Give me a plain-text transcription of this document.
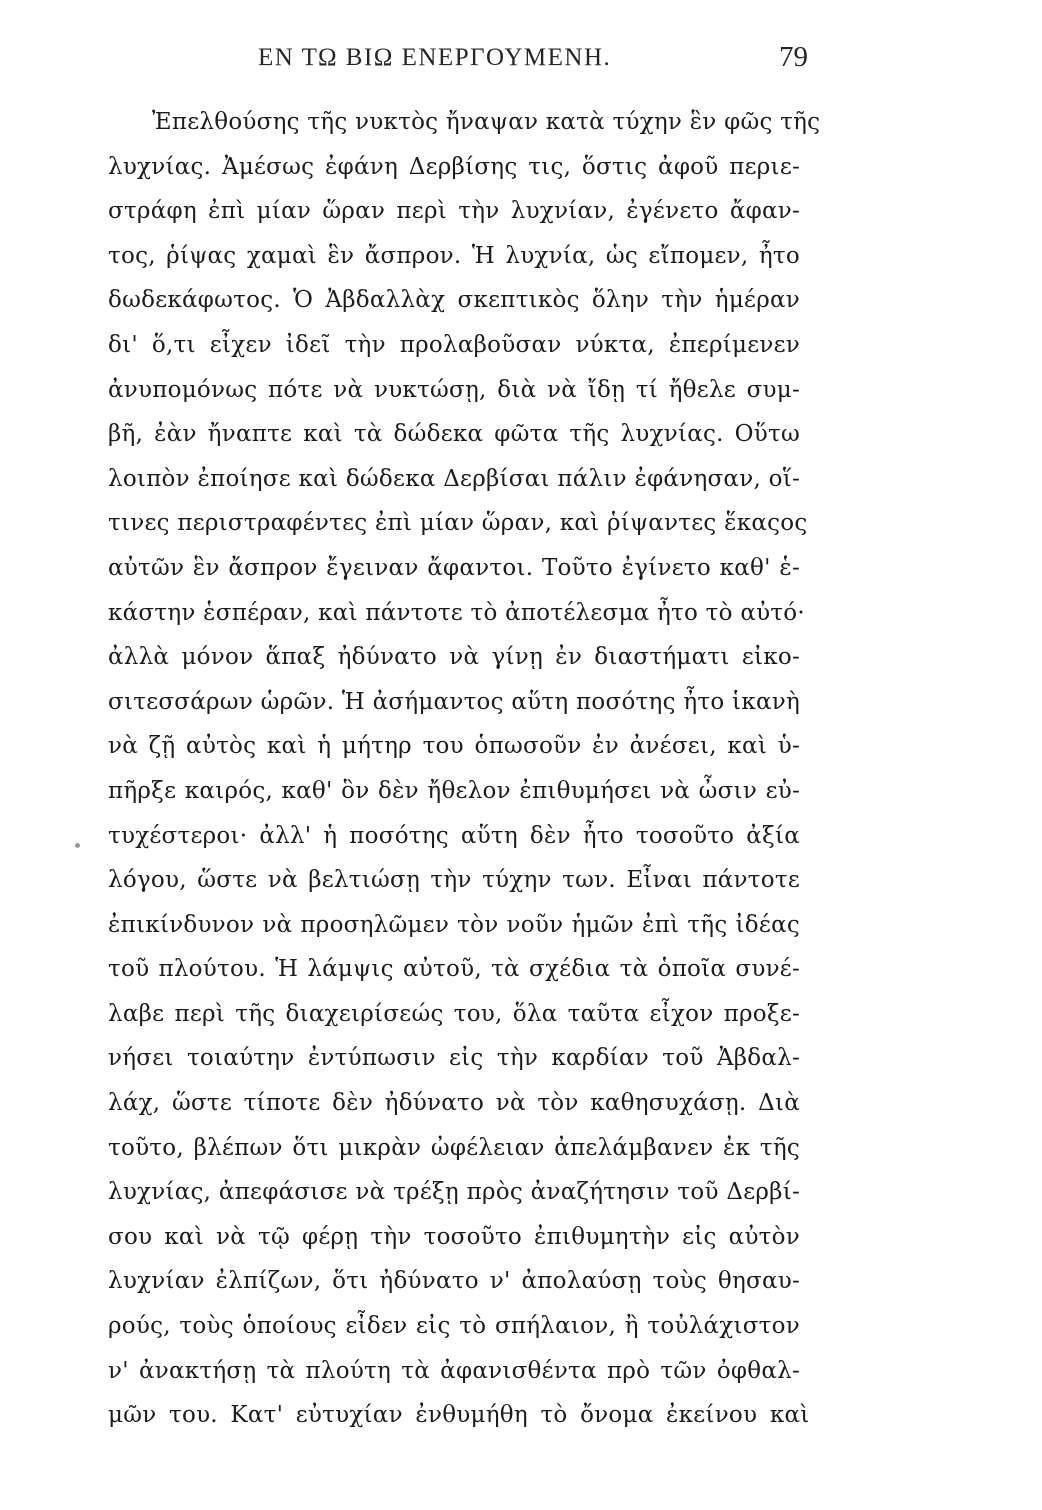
ΕΝ ΤΩ ΒΙΩ ΕΝΕΡΓΟΥΜΕΝΗ.	79
Ἐπελθούσης τῆς νυκτὸς ἤναψαν κατὰ τύχην ἓν φῶς τῆς
λυχνίας. Ἀμέσως ἐφάνη Δερβίσης τις, ὅστις ἀφοῦ περιε-
στράφη ἐπὶ μίαν ὥραν περὶ τὴν λυχνίαν, ἐγένετο ἄφαν-
τος, ῥίψας χαμαὶ ἓν ἄσπρον. Ἡ λυχνία, ὡς εἴπομεν, ἦτο
δωδεκάφωτος. Ὁ Ἀβδαλλὰχ σκεπτικὸς ὅλην τὴν ἡμέραν
δι' ὅ,τι εἶχεν ἰδεῖ τὴν προλαβοῦσαν νύκτα, ἐπερίμενεν
ἀνυπομόνως πότε νὰ νυκτώσῃ, διὰ νὰ ἴδῃ τί ἤθελε συμ-
βῆ, ἐὰν ἤναπτε καὶ τὰ δώδεκα φῶτα τῆς λυχνίας. Οὕτω
λοιπὸν ἐποίησε καὶ δώδεκα Δερβίσαι πάλιν ἐφάνησαν, οἵ-
τινες περιστραφέντες ἐπὶ μίαν ὥραν, καὶ ῥίψαντες ἕκαςος
αὐτῶν ἓν ἄσπρον ἔγειναν ἄφαντοι. Τοῦτο ἐγίνετο καθ' ἑ-
κάστην ἑσπέραν, καὶ πάντοτε τὸ ἀποτέλεσμα ἦτο τὸ αὐτό·
ἀλλὰ μόνον ἅπαξ ἠδύνατο νὰ γίνῃ ἐν διαστήματι εἰκο-
σιτεσσάρων ὡρῶν. Ἡ ἀσήμαντος αὕτη ποσότης ἦτο ἱκανὴ
νὰ ζῇ αὐτὸς καὶ ἡ μήτηρ του ὁπωσοῦν ἐν ἀνέσει, καὶ ὑ-
πῆρξε καιρός, καθ' ὃν δὲν ἤθελον ἐπιθυμήσει νὰ ὦσιν εὐ-
τυχέστεροι· ἀλλ' ἡ ποσότης αὕτη δὲν ἦτο τοσοῦτο ἀξία
λόγου, ὥστε νὰ βελτιώσῃ τὴν τύχην των. Εἶναι πάντοτε
ἐπικίνδυνον νὰ προσηλῶμεν τὸν νοῦν ἡμῶν ἐπὶ τῆς ἰδέας
τοῦ πλούτου. Ἡ λάμψις αὐτοῦ, τὰ σχέδια τὰ ὁποῖα συνέ-
λαβε περὶ τῆς διαχειρίσεώς του, ὅλα ταῦτα εἶχον προξε-
νήσει τοιαύτην ἐντύπωσιν εἰς τὴν καρδίαν τοῦ Ἀβδαλ-
λάχ, ὥστε τίποτε δὲν ἠδύνατο νὰ τὸν καθησυχάσῃ. Διὰ
τοῦτο, βλέπων ὅτι μικρὰν ὠφέλειαν ἀπελάμβανεν ἐκ τῆς
λυχνίας, ἀπεφάσισε νὰ τρέξῃ πρὸς ἀναζήτησιν τοῦ Δερβί-
σου καὶ νὰ τῷ φέρῃ τὴν τοσοῦτο ἐπιθυμητὴν εἰς αὐτὸν
λυχνίαν ἐλπίζων, ὅτι ἠδύνατο ν' ἀπολαύσῃ τοὺς θησαυ-
ρούς, τοὺς ὁποίους εἶδεν εἰς τὸ σπήλαιον, ἢ τοὐλάχιστον
ν' ἀνακτήσῃ τὰ πλούτη τὰ ἀφανισθέντα πρὸ τῶν ὀφθαλ-
μῶν του. Κατ' εὐτυχίαν ἐνθυμήθη τὸ ὄνομα ἐκείνου καὶ
